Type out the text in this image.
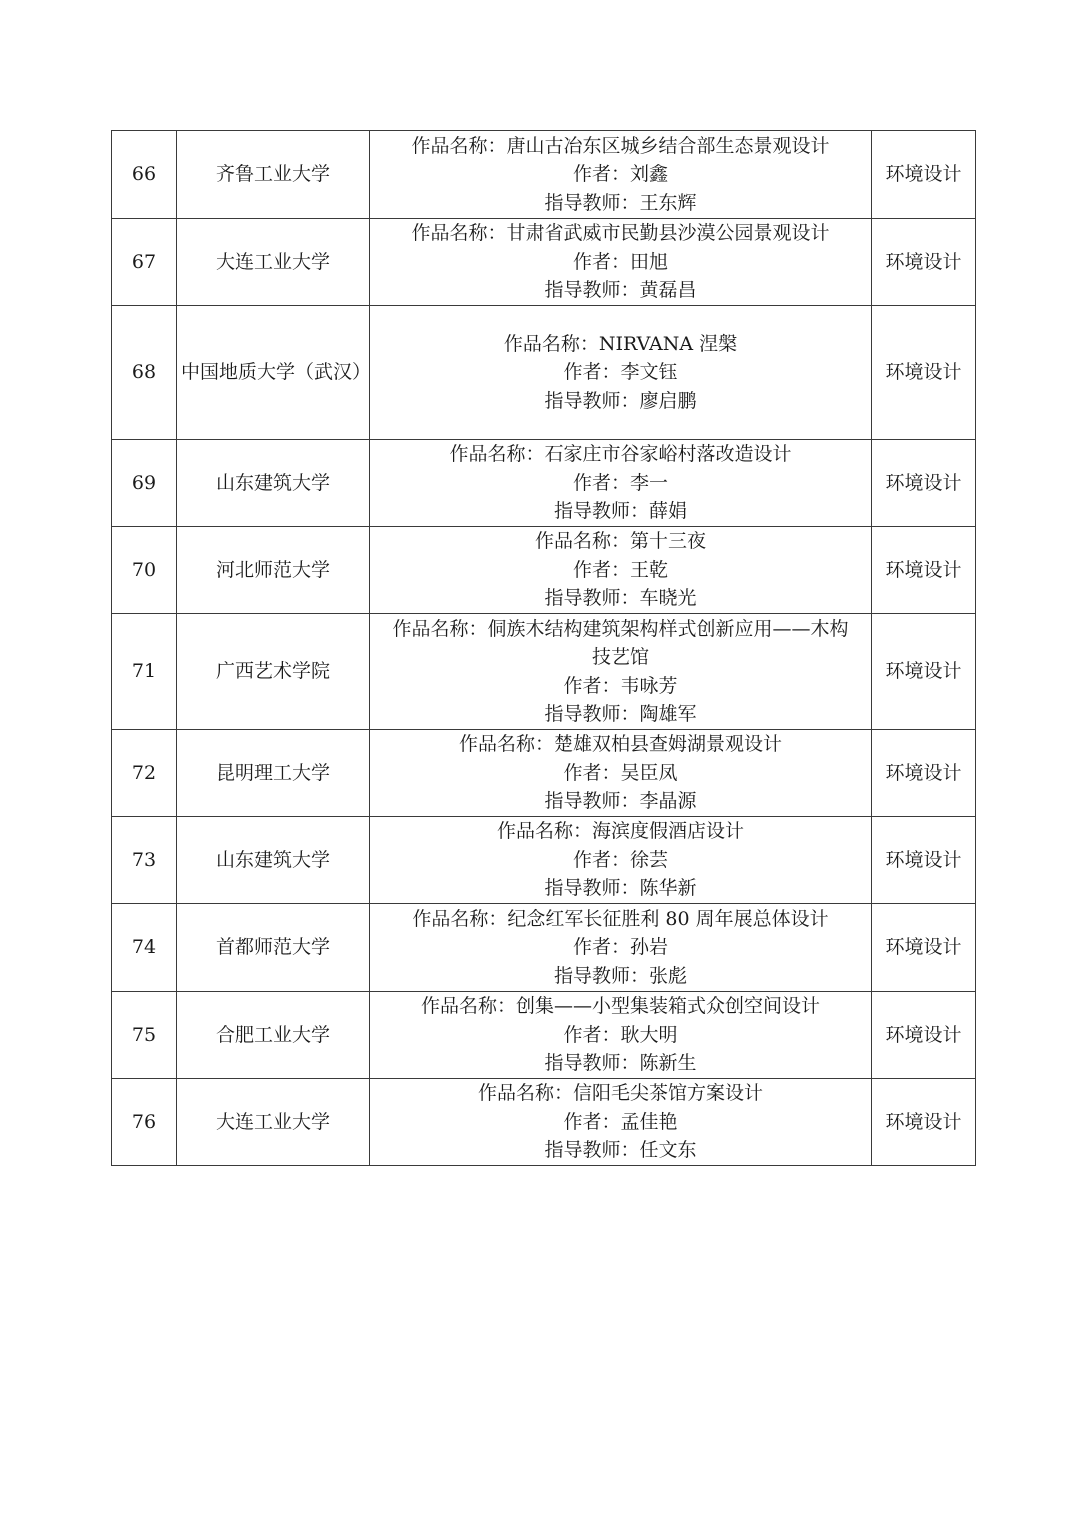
66	齐鲁工业大学	作品名称：唐山古冶东区城乡结合部生态景观设计
作者：刘鑫
指导教师：王东辉	环境设计
67	大连工业大学	作品名称：甘肃省武威市民勤县沙漠公园景观设计
作者：田旭
指导教师：黄磊昌	环境设计
68	中国地质大学（武汉）	作品名称：NIRVANA 涅槃
作者：李文钰
指导教师：廖启鹏	环境设计
69	山东建筑大学	作品名称：石家庄市谷家峪村落改造设计
作者：李一
指导教师：薛娟	环境设计
70	河北师范大学	作品名称：第十三夜
作者：王乾
指导教师：车晓光	环境设计
71	广西艺术学院	作品名称：侗族木结构建筑架构样式创新应用——木构技艺馆
作者：韦咏芳
指导教师：陶雄军	环境设计
72	昆明理工大学	作品名称：楚雄双柏县查姆湖景观设计
作者：吴臣凤
指导教师：李晶源	环境设计
73	山东建筑大学	作品名称：海滨度假酒店设计
作者：徐芸
指导教师：陈华新	环境设计
74	首都师范大学	作品名称：纪念红军长征胜利 80 周年展总体设计
作者：孙岩
指导教师：张彪	环境设计
75	合肥工业大学	作品名称：创集——小型集装箱式众创空间设计
作者：耿大明
指导教师：陈新生	环境设计
76	大连工业大学	作品名称：信阳毛尖茶馆方案设计
作者：孟佳艳
指导教师：任文东	环境设计
